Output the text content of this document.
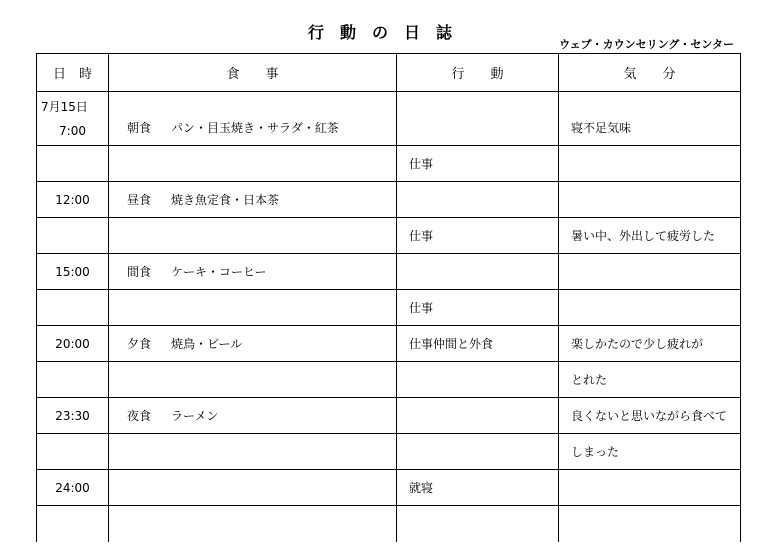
行　動　の　日　誌
ウェブ・カウンセリング・センター
日　時	食　　事	行　　動	気　　分

7月15日
7:00	朝食 パン・目玉焼き・サラダ・紅茶		寝不足気味
		仕事	
12:00	昼食 焼き魚定食・日本茶		
		仕事	暑い中、外出して疲労した
15:00	間食 ケーキ・コーヒー		
		仕事	
20:00	夕食 焼鳥・ビール	仕事仲間と外食	楽しかたので少し疲れが
			とれた
23:30	夜食 ラーメン		良くないと思いながら食べて
			しまった
24:00		就寝	
